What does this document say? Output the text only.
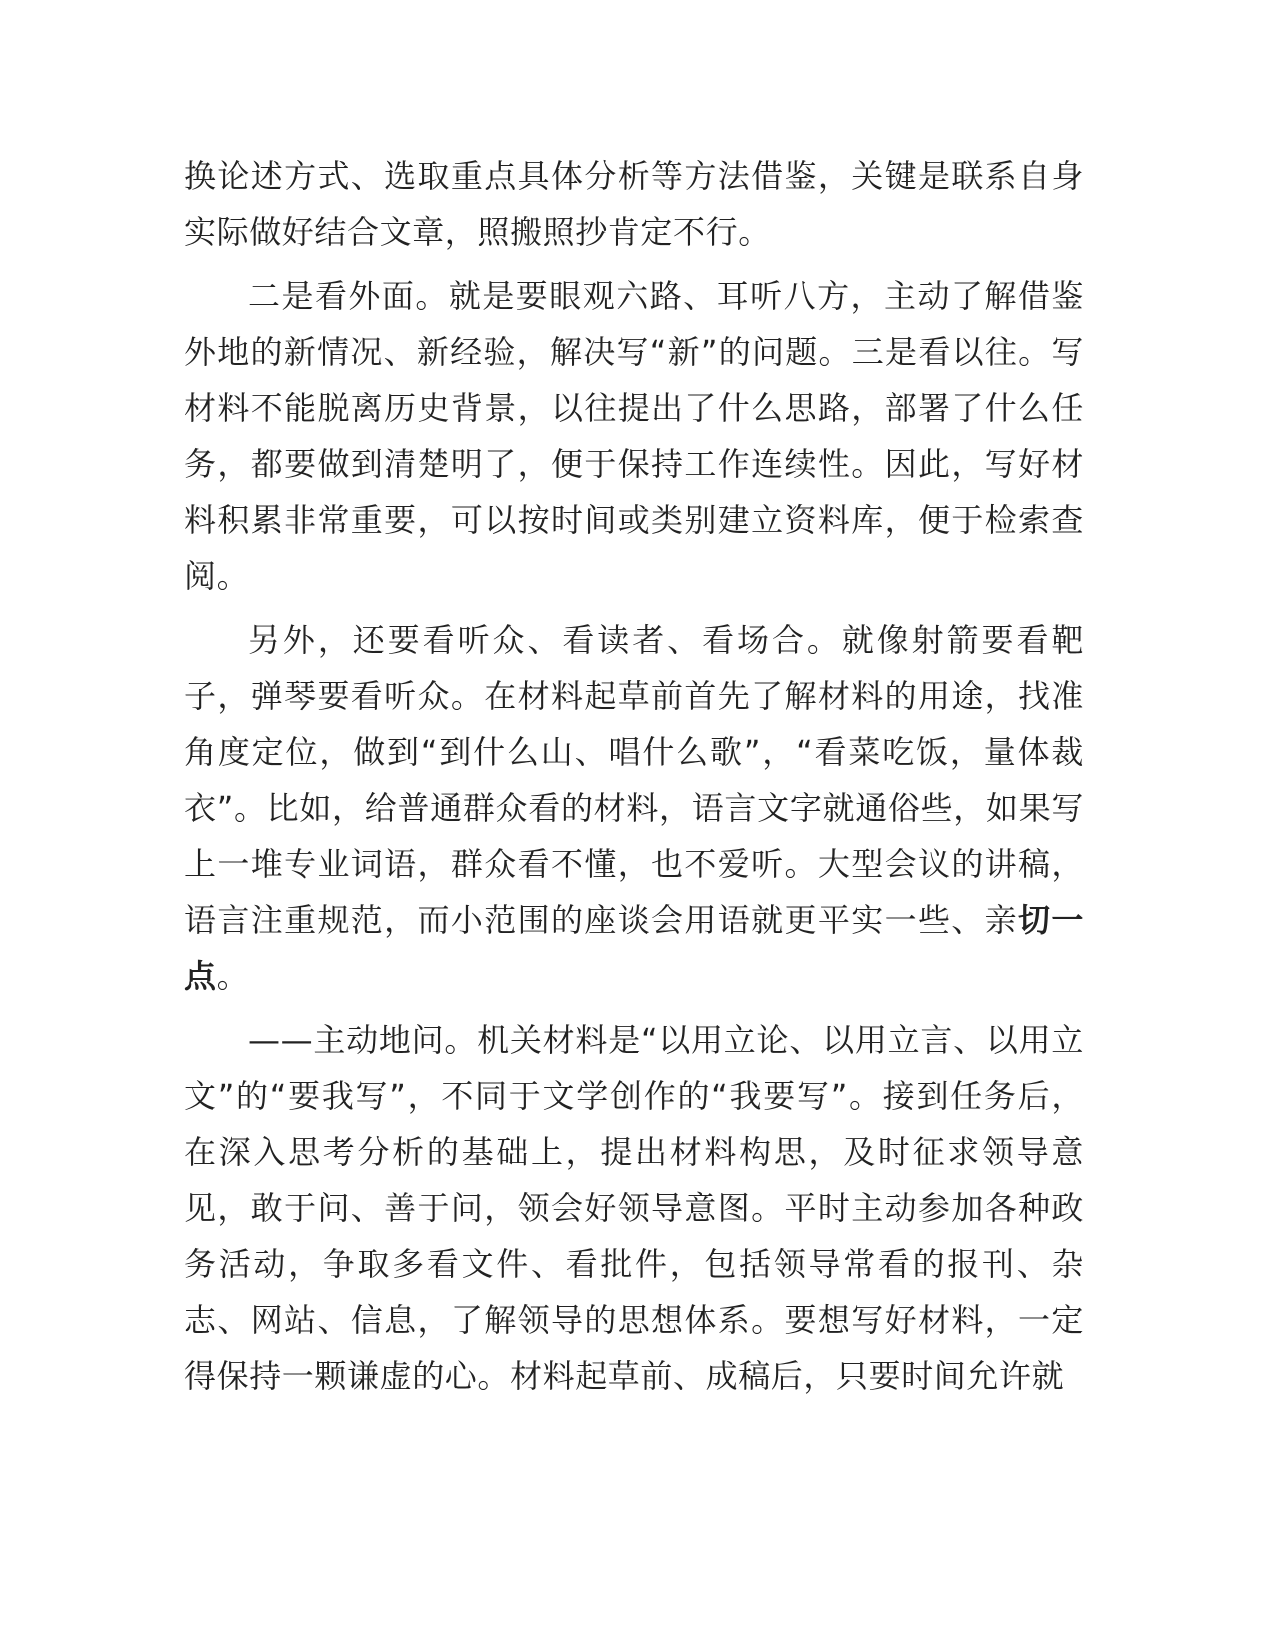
换论述方式、选取重点具体分析等方法借鉴，关键是联系自身实际做好结合文章，照搬照抄肯定不行。

二是看外面。就是要眼观六路、耳听八方，主动了解借鉴外地的新情况、新经验，解决写“新”的问题。三是看以往。写材料不能脱离历史背景，以往提出了什么思路，部署了什么任务，都要做到清楚明了，便于保持工作连续性。因此，写好材料积累非常重要，可以按时间或类别建立资料库，便于检索查阅。

另外，还要看听众、看读者、看场合。就像射箭要看靶子，弹琴要看听众。在材料起草前首先了解材料的用途，找准角度定位，做到“到什么山、唱什么歌”，“看菜吃饭，量体裁衣”。比如，给普通群众看的材料，语言文字就通俗些，如果写上一堆专业词语，群众看不懂，也不爱听。大型会议的讲稿，语言注重规范，而小范围的座谈会用语就更平实一些、亲切一点。

——主动地问。机关材料是“以用立论、以用立言、以用立文”的“要我写”，不同于文学创作的“我要写”。接到任务后，在深入思考分析的基础上，提出材料构思，及时征求领导意见，敢于问、善于问，领会好领导意图。平时主动参加各种政务活动，争取多看文件、看批件，包括领导常看的报刊、杂志、网站、信息，了解领导的思想体系。要想写好材料，一定得保持一颗谦虚的心。材料起草前、成稿后，只要时间允许就
